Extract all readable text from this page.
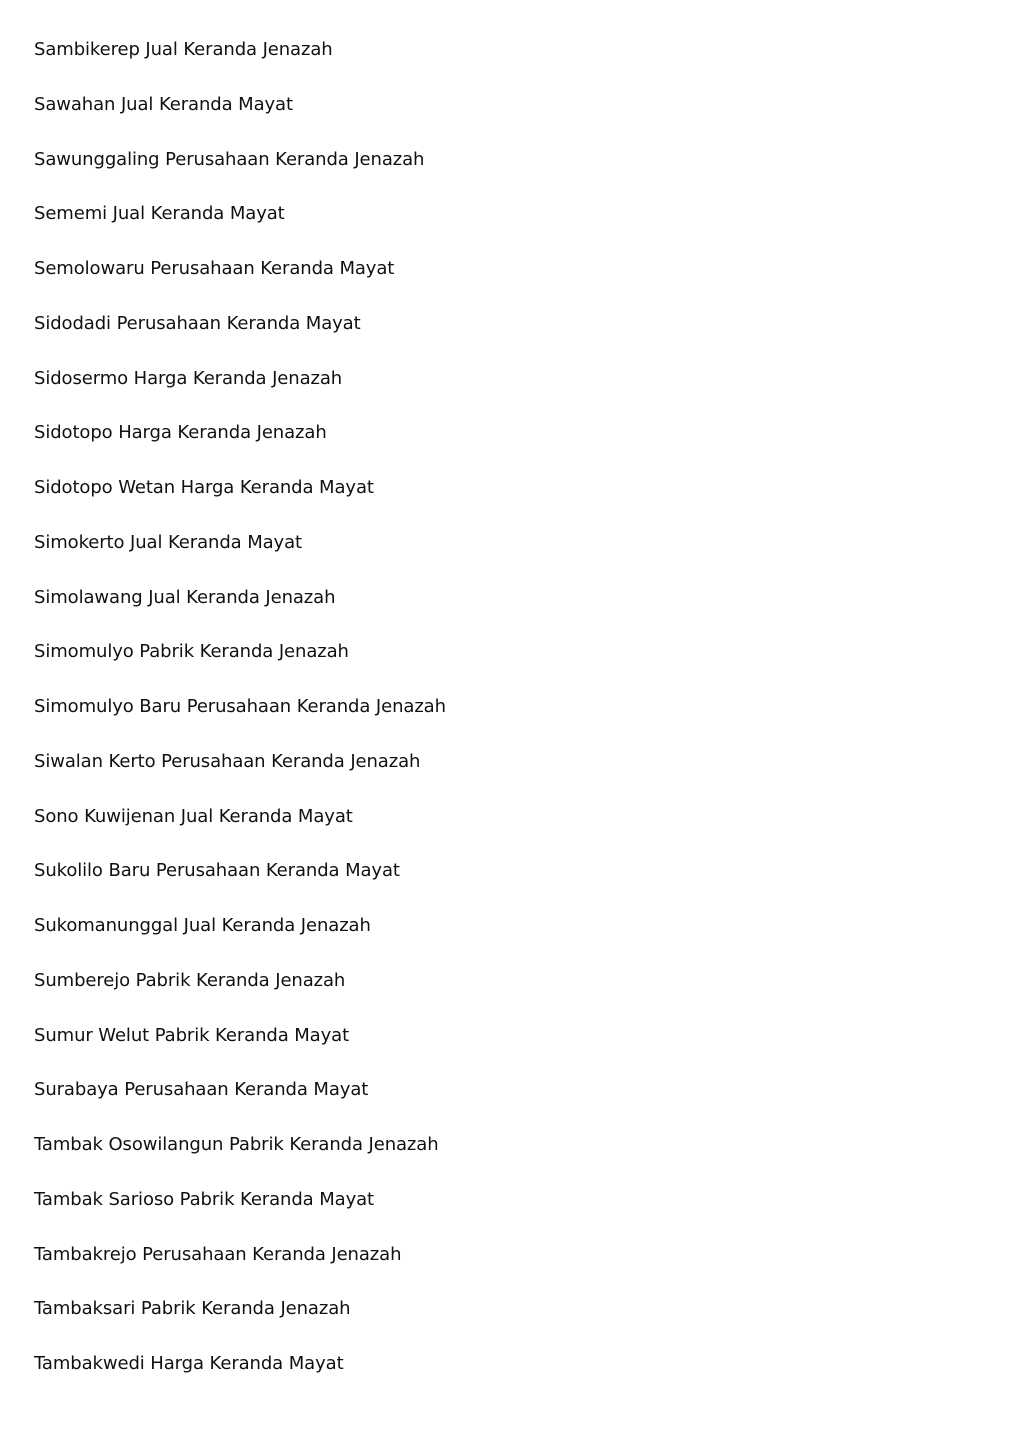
Sambikerep Jual Keranda Jenazah
Sawahan Jual Keranda Mayat
Sawunggaling Perusahaan Keranda Jenazah
Sememi Jual Keranda Mayat
Semolowaru Perusahaan Keranda Mayat
Sidodadi Perusahaan Keranda Mayat
Sidosermo Harga Keranda Jenazah
Sidotopo Harga Keranda Jenazah
Sidotopo Wetan Harga Keranda Mayat
Simokerto Jual Keranda Mayat
Simolawang Jual Keranda Jenazah
Simomulyo Pabrik Keranda Jenazah
Simomulyo Baru Perusahaan Keranda Jenazah
Siwalan Kerto Perusahaan Keranda Jenazah
Sono Kuwijenan Jual Keranda Mayat
Sukolilo Baru Perusahaan Keranda Mayat
Sukomanunggal Jual Keranda Jenazah
Sumberejo Pabrik Keranda Jenazah
Sumur Welut Pabrik Keranda Mayat
Surabaya Perusahaan Keranda Mayat
Tambak Osowilangun Pabrik Keranda Jenazah
Tambak Sarioso Pabrik Keranda Mayat
Tambakrejo Perusahaan Keranda Jenazah
Tambaksari Pabrik Keranda Jenazah
Tambakwedi Harga Keranda Mayat
